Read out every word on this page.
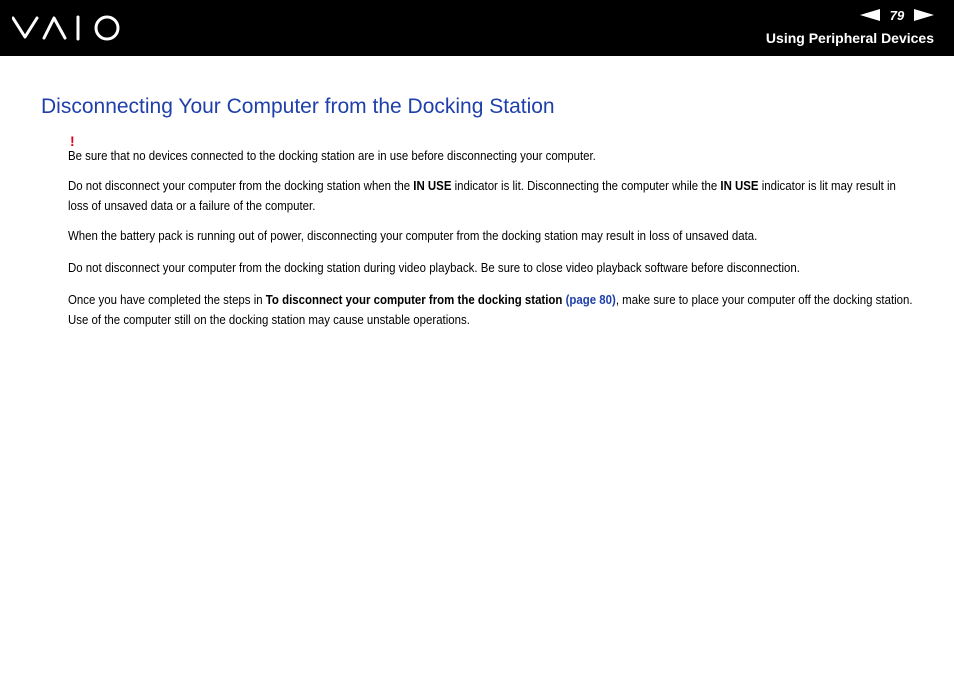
79
Using Peripheral Devices
Disconnecting Your Computer from the Docking Station
!

Be sure that no devices connected to the docking station are in use before disconnecting your computer.

Do not disconnect your computer from the docking station when the IN USE indicator is lit. Disconnecting the computer while the IN USE indicator is lit may result in loss of unsaved data or a failure of the computer.

When the battery pack is running out of power, disconnecting your computer from the docking station may result in loss of unsaved data.

Do not disconnect your computer from the docking station during video playback. Be sure to close video playback software before disconnection.

Once you have completed the steps in To disconnect your computer from the docking station (page 80), make sure to place your computer off the docking station. Use of the computer still on the docking station may cause unstable operations.
